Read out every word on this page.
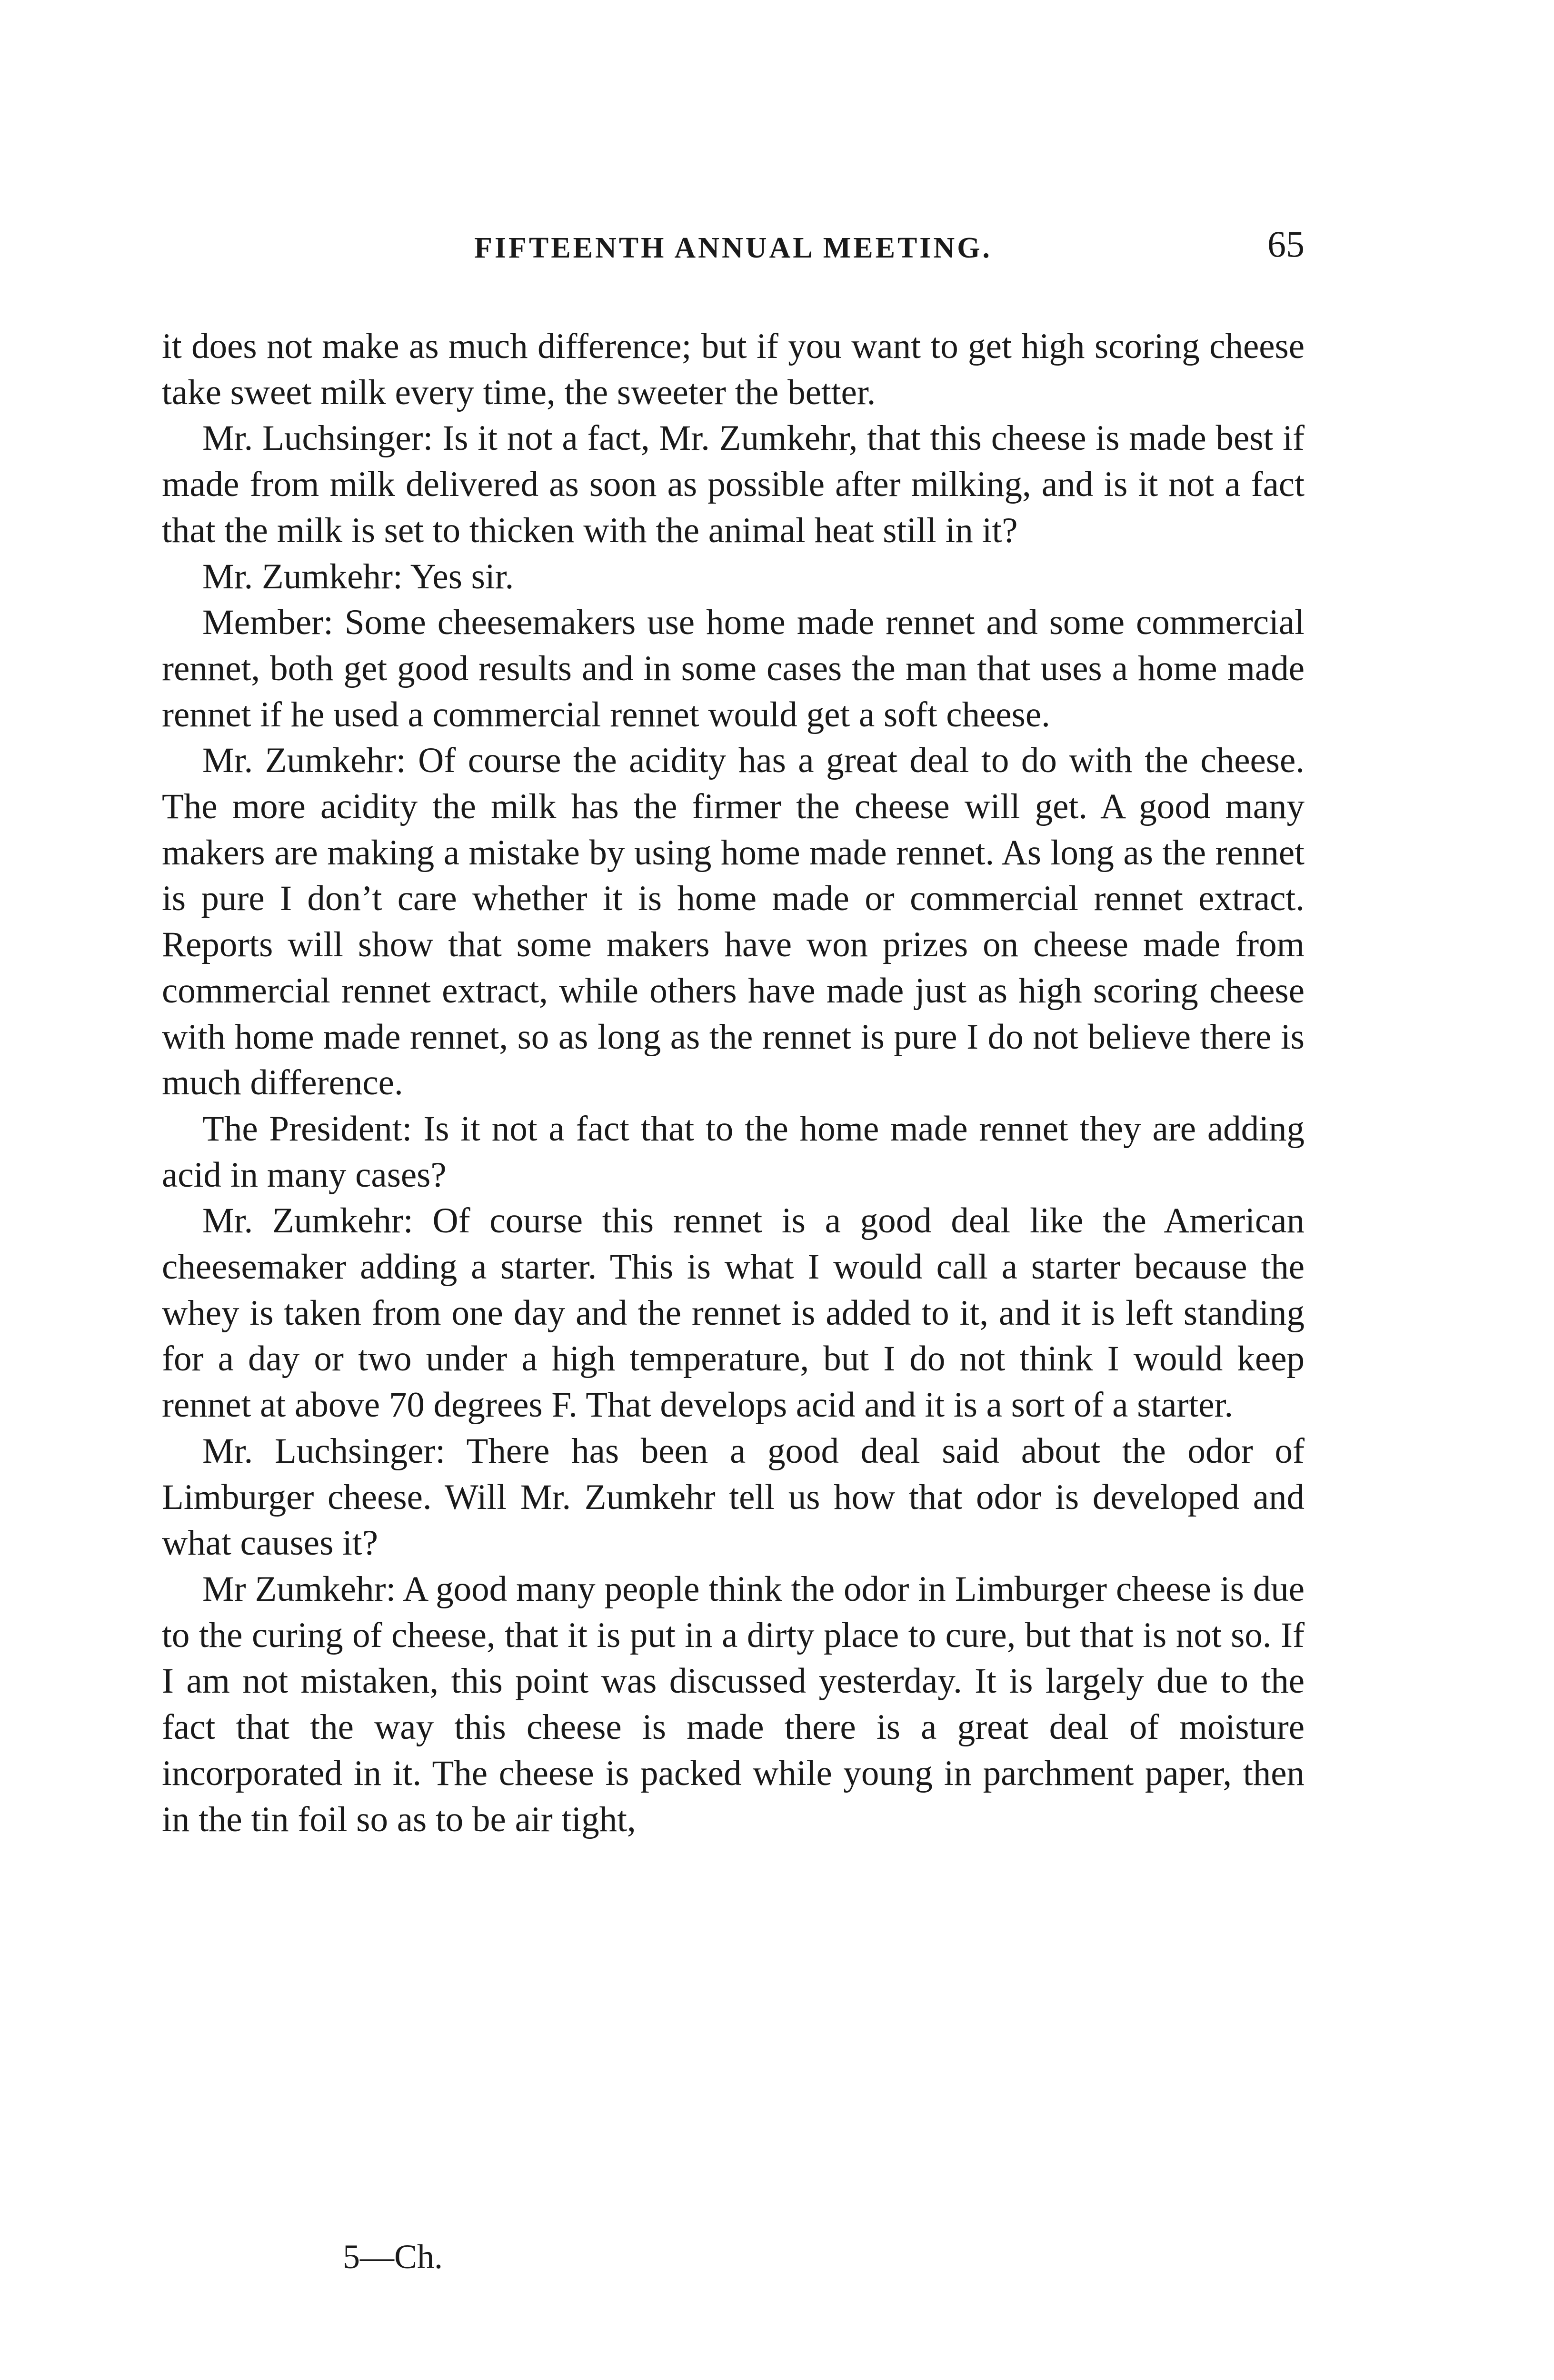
FIFTEENTH ANNUAL MEETING.	65

it does not make as much difference; but if you want to get high scoring cheese take sweet milk every time, the sweeter the better.

Mr. Luchsinger: Is it not a fact, Mr. Zumkehr, that this cheese is made best if made from milk delivered as soon as possible after milking, and is it not a fact that the milk is set to thicken with the animal heat still in it?

Mr. Zumkehr: Yes sir.

Member: Some cheesemakers use home made rennet and some commercial rennet, both get good results and in some cases the man that uses a home made rennet if he used a commercial rennet would get a soft cheese.

Mr. Zumkehr: Of course the acidity has a great deal to do with the cheese. The more acidity the milk has the firmer the cheese will get. A good many makers are making a mistake by using home made rennet. As long as the rennet is pure I don’t care whether it is home made or commercial rennet extract. Reports will show that some makers have won prizes on cheese made from commercial rennet extract, while others have made just as high scoring cheese with home made rennet, so as long as the rennet is pure I do not believe there is much difference.

The President: Is it not a fact that to the home made rennet they are adding acid in many cases?

Mr. Zumkehr: Of course this rennet is a good deal like the American cheesemaker adding a starter. This is what I would call a starter because the whey is taken from one day and the rennet is added to it, and it is left standing for a day or two under a high temperature, but I do not think I would keep rennet at above 70 degrees F. That develops acid and it is a sort of a starter.

Mr. Luchsinger: There has been a good deal said about the odor of Limburger cheese. Will Mr. Zumkehr tell us how that odor is developed and what causes it?

Mr Zumkehr: A good many people think the odor in Limburger cheese is due to the curing of cheese, that it is put in a dirty place to cure, but that is not so. If I am not mistaken, this point was discussed yesterday. It is largely due to the fact that the way this cheese is made there is a great deal of moisture incorporated in it. The cheese is packed while young in parchment paper, then in the tin foil so as to be air tight,

5—Ch.
